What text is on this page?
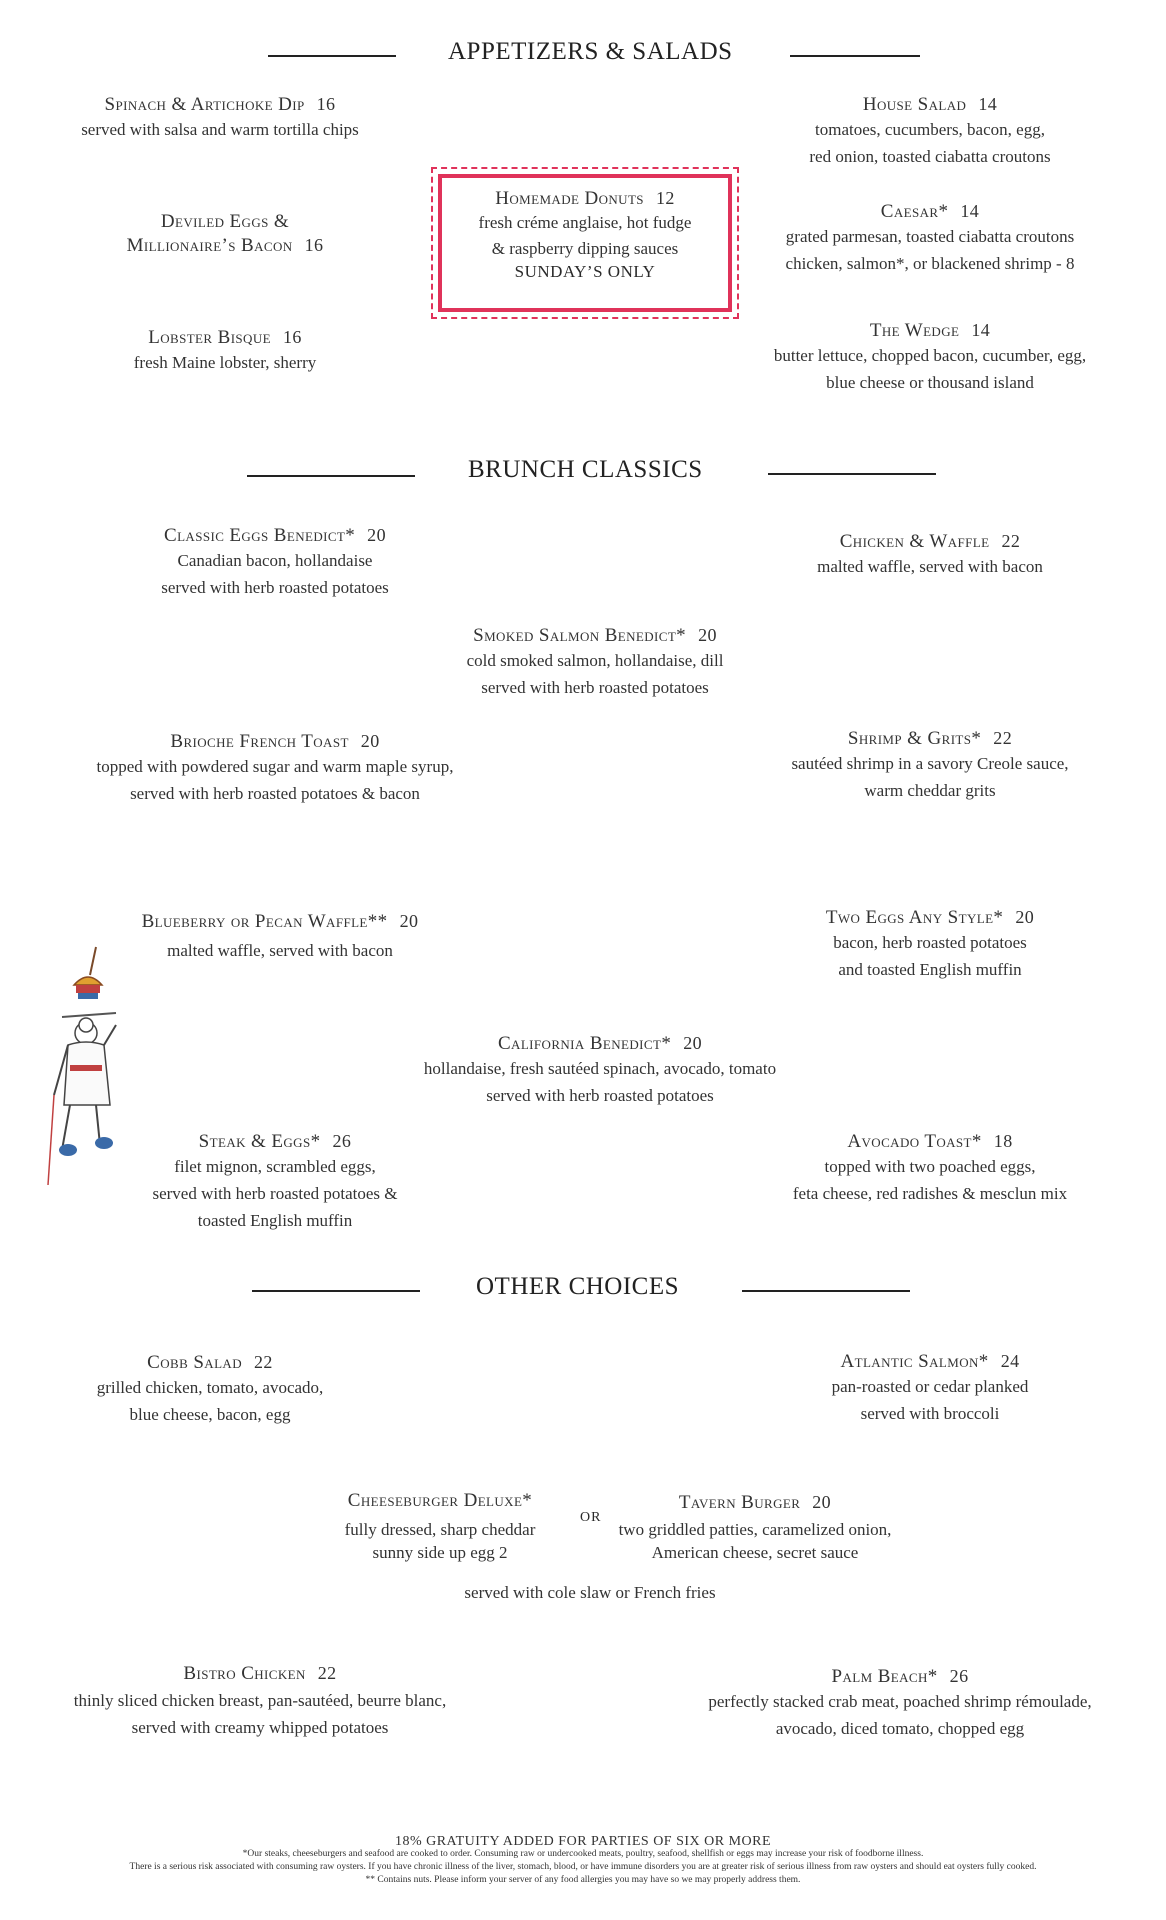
APPETIZERS & SALADS
Spinach & Artichoke Dip 16
served with salsa and warm tortilla chips
Deviled Eggs &
Millionaire’s Bacon 16
Lobster Bisque 16
fresh Maine lobster, sherry
Homemade Donuts 12
fresh créme anglaise, hot fudge
& raspberry dipping sauces
SUNDAY’S ONLY
House Salad 14
tomatoes, cucumbers, bacon, egg,
red onion, toasted ciabatta croutons
Caesar* 14
grated parmesan, toasted ciabatta croutons
chicken, salmon*, or blackened shrimp - 8
The Wedge 14
butter lettuce, chopped bacon, cucumber, egg,
blue cheese or thousand island
BRUNCH CLASSICS
Classic Eggs Benedict* 20
Canadian bacon, hollandaise
served with herb roasted potatoes
Chicken & Waffle 22
malted waffle, served with bacon
Smoked Salmon Benedict* 20
cold smoked salmon, hollandaise, dill
served with herb roasted potatoes
Brioche French Toast 20
topped with powdered sugar and warm maple syrup,
served with herb roasted potatoes & bacon
Shrimp & Grits* 22
sautéed shrimp in a savory Creole sauce,
warm cheddar grits
Blueberry or Pecan Waffle** 20
malted waffle, served with bacon
Two Eggs Any Style* 20
bacon, herb roasted potatoes
and toasted English muffin
California Benedict* 20
hollandaise, fresh sautéed spinach, avocado, tomato
served with herb roasted potatoes
Steak & Eggs* 26
filet mignon, scrambled eggs,
served with herb roasted potatoes &
toasted English muffin
Avocado Toast* 18
topped with two poached eggs,
feta cheese, red radishes & mesclun mix
OTHER CHOICES
Cobb Salad 22
grilled chicken, tomato, avocado,
blue cheese, bacon, egg
Atlantic Salmon* 24
pan-roasted or cedar planked
served with broccoli
Cheeseburger Deluxe*
fully dressed, sharp cheddar
sunny side up egg 2
OR
Tavern Burger 20
two griddled patties, caramelized onion,
American cheese, secret sauce
served with cole slaw or French fries
Bistro Chicken 22
thinly sliced chicken breast, pan-sautéed, beurre blanc,
served with creamy whipped potatoes
Palm Beach* 26
perfectly stacked crab meat, poached shrimp rémoulade,
avocado, diced tomato, chopped egg
18% GRATUITY ADDED FOR PARTIES OF SIX OR MORE
*Our steaks, cheeseburgers and seafood are cooked to order. Consuming raw or undercooked meats, poultry, seafood, shellfish or eggs may increase your risk of foodborne illness.
There is a serious risk associated with consuming raw oysters. If you have chronic illness of the liver, stomach, blood, or have immune disorders you are at greater risk of serious illness from raw oysters and should eat oysters fully cooked.
** Contains nuts. Please inform your server of any food allergies you may have so we may properly address them.
